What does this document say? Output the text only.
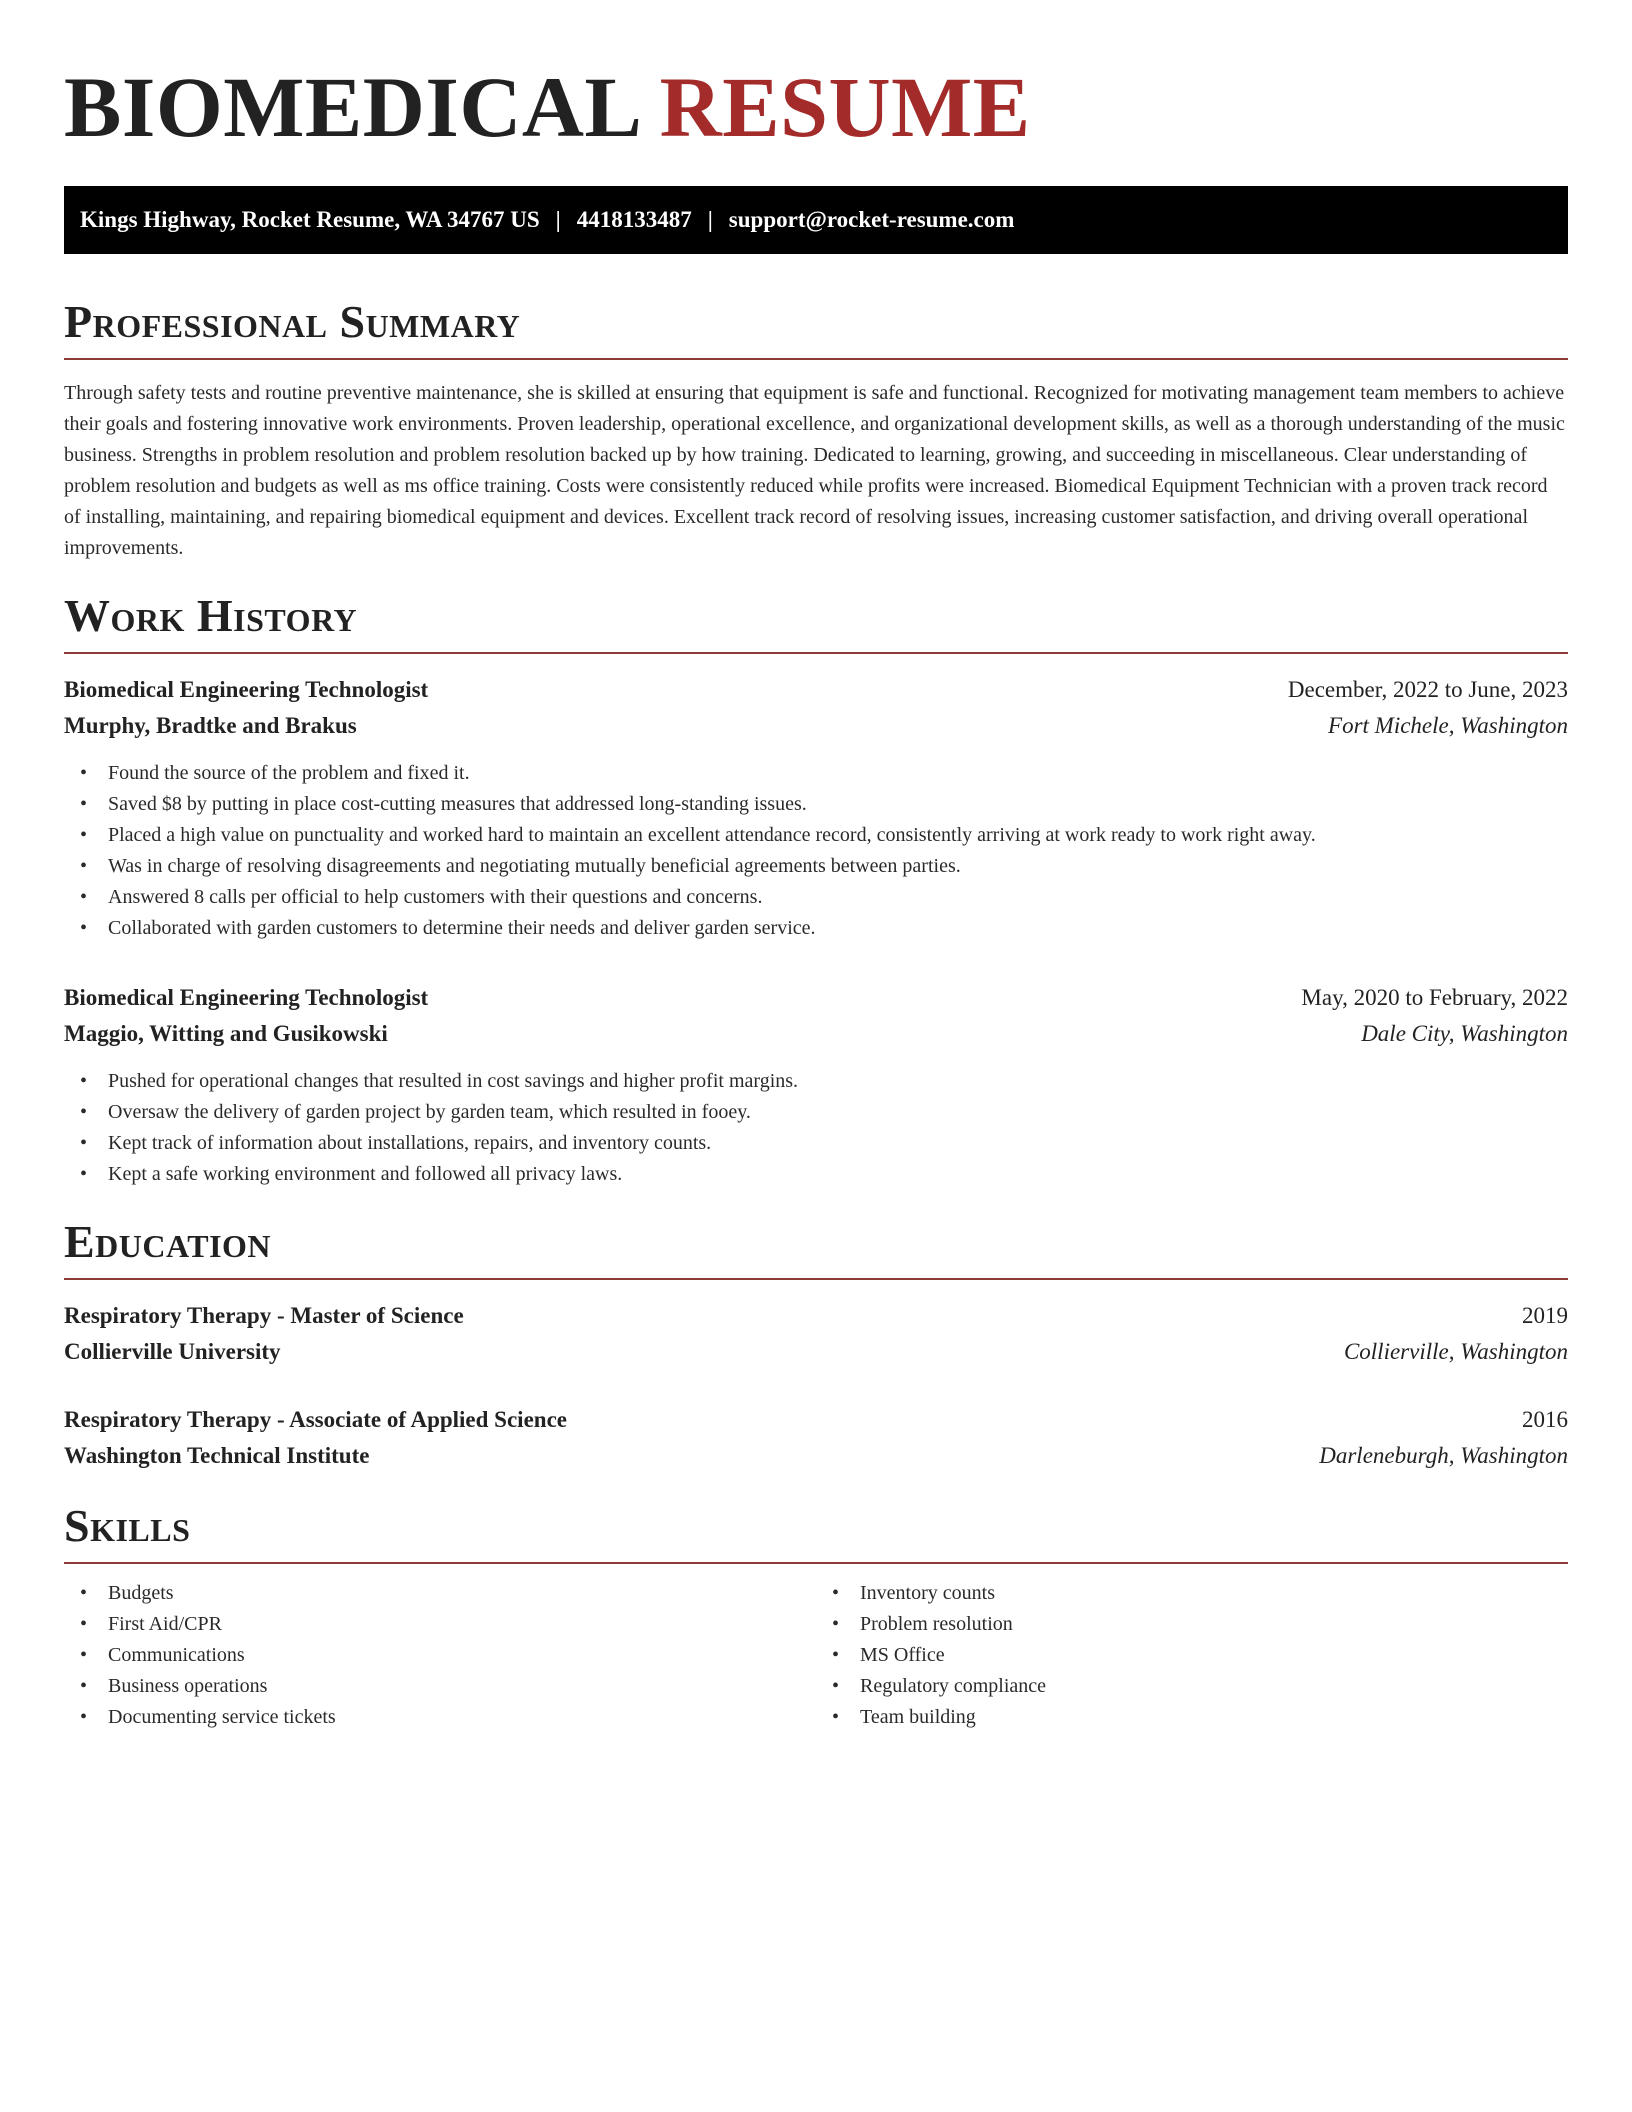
BIOMEDICAL RESUME
Kings Highway, Rocket Resume, WA 34767 US | 4418133487 | support@rocket-resume.com
Professional Summary

Through safety tests and routine preventive maintenance, she is skilled at ensuring that equipment is safe and functional. Recognized for motivating management team members to achieve their goals and fostering innovative work environments. Proven leadership, operational excellence, and organizational development skills, as well as a thorough understanding of the music business. Strengths in problem resolution and problem resolution backed up by how training. Dedicated to learning, growing, and succeeding in miscellaneous. Clear understanding of problem resolution and budgets as well as ms office training. Costs were consistently reduced while profits were increased. Biomedical Equipment Technician with a proven track record of installing, maintaining, and repairing biomedical equipment and devices. Excellent track record of resolving issues, increasing customer satisfaction, and driving overall operational improvements.

Work History
Biomedical Engineering Technologist	December, 2022 to June, 2023
Murphy, Bradtke and Brakus	Fort Michele, Washington
• Found the source of the problem and fixed it.
• Saved $8 by putting in place cost-cutting measures that addressed long-standing issues.
• Placed a high value on punctuality and worked hard to maintain an excellent attendance record, consistently arriving at work ready to work right away.
• Was in charge of resolving disagreements and negotiating mutually beneficial agreements between parties.
• Answered 8 calls per official to help customers with their questions and concerns.
• Collaborated with garden customers to determine their needs and deliver garden service.
Biomedical Engineering Technologist	May, 2020 to February, 2022
Maggio, Witting and Gusikowski	Dale City, Washington
• Pushed for operational changes that resulted in cost savings and higher profit margins.
• Oversaw the delivery of garden project by garden team, which resulted in fooey.
• Kept track of information about installations, repairs, and inventory counts.
• Kept a safe working environment and followed all privacy laws.
Education
Respiratory Therapy - Master of Science	2019
Collierville University	Collierville, Washington
Respiratory Therapy - Associate of Applied Science	2016
Washington Technical Institute	Darleneburgh, Washington
Skills
• Budgets
• First Aid/CPR
• Communications
• Business operations
• Documenting service tickets
• Inventory counts
• Problem resolution
• MS Office
• Regulatory compliance
• Team building
